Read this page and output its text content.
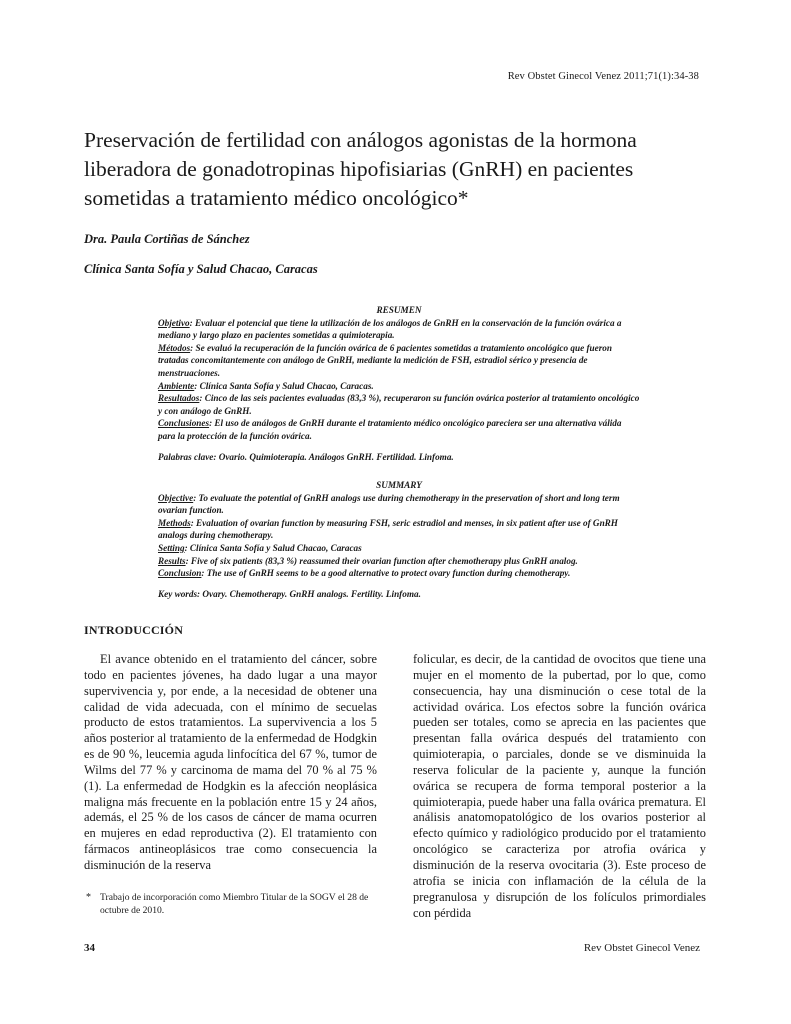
Rev Obstet Ginecol Venez 2011;71(1):34-38
Preservación de fertilidad con análogos agonistas de la hormona liberadora de gonadotropinas hipofisiarias (GnRH) en pacientes sometidas a tratamiento médico oncológico*
Dra. Paula Cortiñas de Sánchez
Clínica Santa Sofía y Salud Chacao, Caracas

RESUMEN

Objetivo: Evaluar el potencial que tiene la utilización de los análogos de GnRH en la conservación de la función ovárica a mediano y largo plazo en pacientes sometidas a quimioterapia.

Métodos: Se evaluó la recuperación de la función ovárica de 6 pacientes sometidas a tratamiento oncológico que fueron tratadas concomitantemente con análogo de GnRH, mediante la medición de FSH, estradiol sérico y presencia de menstruaciones.

Ambiente: Clínica Santa Sofía y Salud Chacao, Caracas.

Resultados: Cinco de las seis pacientes evaluadas (83,3 %), recuperaron su función ovárica posterior al tratamiento oncológico y con análogo de GnRH.

Conclusiones: El uso de análogos de GnRH durante el tratamiento médico oncológico pareciera ser una alternativa válida para la protección de la función ovárica.

Palabras clave: Ovario. Quimioterapia. Análogos GnRH. Fertilidad. Linfoma.

SUMMARY

Objective: To evaluate the potential of GnRH analogs use during chemotherapy in the preservation of short and long term ovarian function.

Methods: Evaluation of ovarian function by measuring FSH, seric estradiol and menses, in six patient after use of GnRH analogs during chemotherapy.

Setting: Clínica Santa Sofía y Salud Chacao, Caracas

Results: Five of six patients (83,3 %) reassumed their ovarian function after chemotherapy plus GnRH analog.

Conclusion: The use of GnRH seems to be a good alternative to protect ovary function during chemotherapy.

Key words: Ovary. Chemotherapy. GnRH analogs. Fertility. Linfoma.

INTRODUCCIÓN

El avance obtenido en el tratamiento del cáncer, sobre todo en pacientes jóvenes, ha dado lugar a una mayor supervivencia y, por ende, a la necesidad de obtener una calidad de vida adecuada, con el mínimo de secuelas producto de estos tratamientos. La supervivencia a los 5 años posterior al tratamiento de la enfermedad de Hodgkin es de 90 %, leucemia aguda linfocítica del 67 %, tumor de Wilms del 77 % y carcinoma de mama del 70 % al 75 % (1). La enfermedad de Hodgkin es la afección neoplásica maligna más frecuente en la población entre 15 y 24 años, además, el 25 % de los casos de cáncer de mama ocurren en mujeres en edad reproductiva (2). El tratamiento con fármacos antineoplásicos trae como consecuencia la disminución de la reserva

folicular, es decir, de la cantidad de ovocitos que tiene una mujer en el momento de la pubertad, por lo que, como consecuencia, hay una disminución o cese total de la actividad ovárica. Los efectos sobre la función ovárica pueden ser totales, como se aprecia en las pacientes que presentan falla ovárica después del tratamiento con quimioterapia, o parciales, donde se ve disminuida la reserva folicular de la paciente y, aunque la función ovárica se recupera de forma temporal posterior a la quimioterapia, puede haber una falla ovárica prematura. El análisis anatomopatológico de los ovarios posterior al efecto químico y radiológico producido por el tratamiento oncológico se caracteriza por atrofia ovárica y disminución de la reserva ovocitaria (3). Este proceso de atrofia se inicia con inflamación de la célula de la pregranulosa y disrupción de los folículos primordiales con pérdida

* Trabajo de incorporación como Miembro Titular de la SOGV el 28 de octubre de 2010.

34	Rev Obstet Ginecol Venez
